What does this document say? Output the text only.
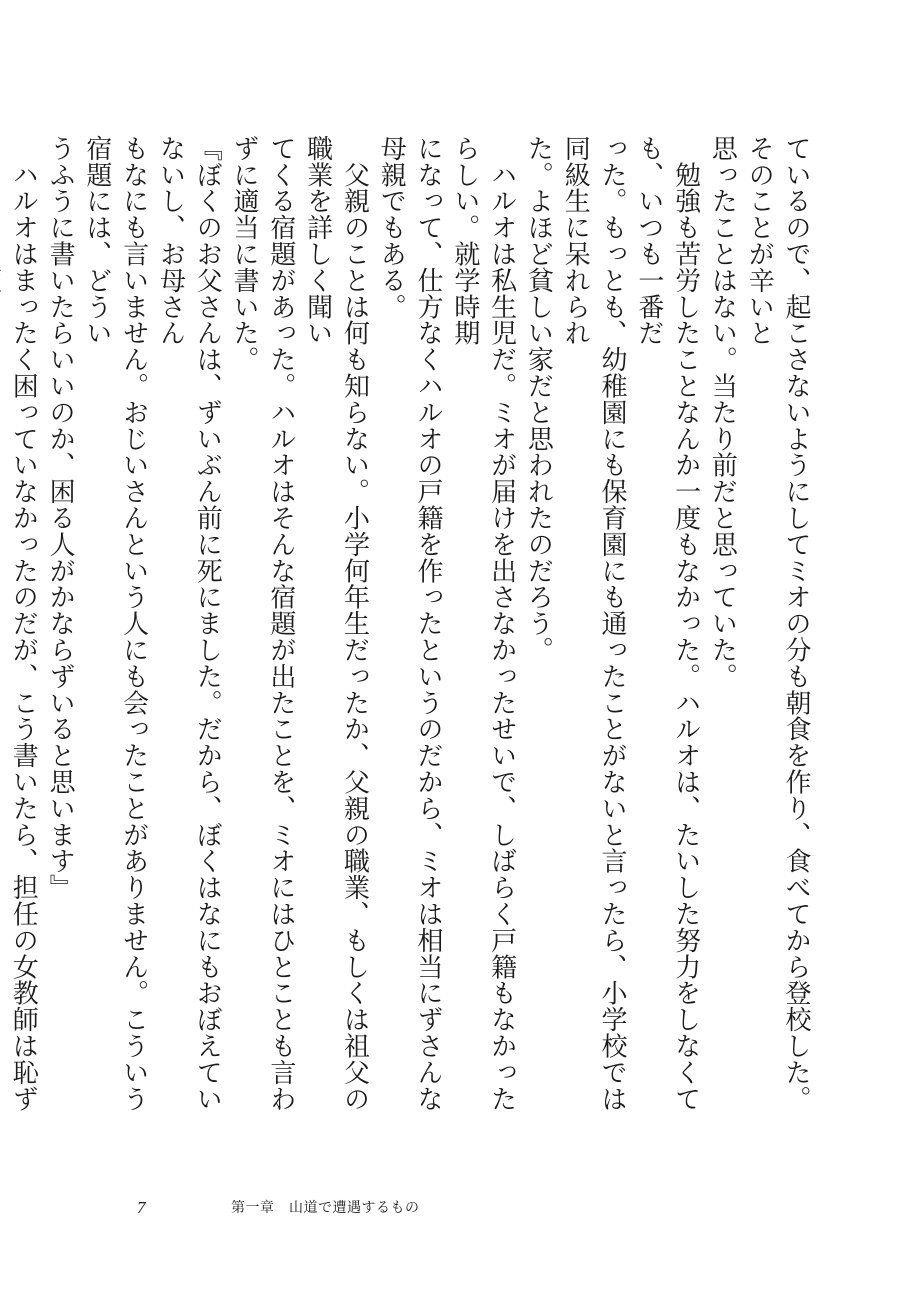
ているので、起こさないようにしてミオの分も朝食を作り、食べてから登校した。そのことが辛いと
思ったことはない。当たり前だと思っていた。
　勉強も苦労したことなんか一度もなかった。ハルオは、たいした努力をしなくても、いつも一番だ
った。もっとも、幼稚園にも保育園にも通ったことがないと言ったら、小学校では同級生に呆れられ
た。よほど貧しい家だと思われたのだろう。
　ハルオは私生児だ。ミオが届けを出さなかったせいで、しばらく戸籍もなかったらしい。就学時期
になって、仕方なくハルオの戸籍を作ったというのだから、ミオは相当にずさんな母親でもある。
　父親のことは何も知らない。小学何年生だったか、父親の職業、もしくは祖父の職業を詳しく聞い
てくる宿題があった。ハルオはそんな宿題が出たことを、ミオにはひとことも言わずに適当に書いた。
『ぼくのお父さんは、ずいぶん前に死にました。だから、ぼくはなにもおぼえていないし、お母さん
もなにも言いません。おじいさんという人にも会ったことがありません。こういう宿題には、どうい
うふうに書いたらいいのか、困る人がかならずいると思います』
　ハルオはまったく困っていなかったのだが、こう書いたら、担任の女教師は恥ず
7	第一章　山道で遭遇するもの
